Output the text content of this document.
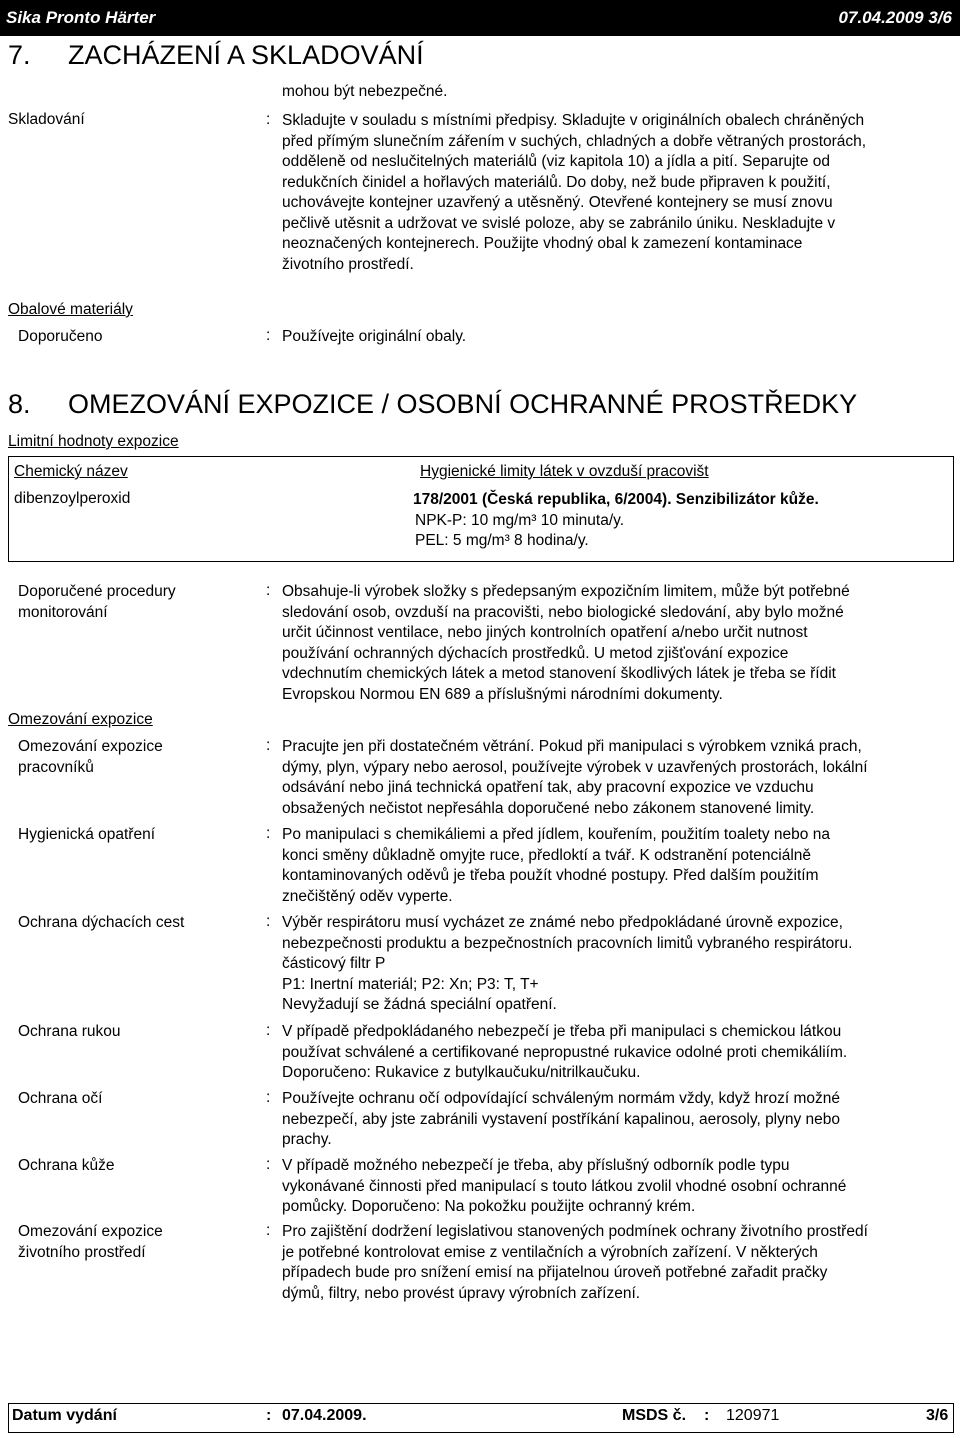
Sika Pronto Härter	07.04.2009 3/6
7. ZACHÁZENÍ A SKLADOVÁNÍ
mohou být nebezpečné.
Skladování	: Skladujte v souladu s místními předpisy. Skladujte v originálních obalech chráněných

před přímým slunečním zářením v suchých, chladných a dobře větraných prostorách,

odděleně od neslučitelných materiálů (viz kapitola 10) a jídla a pití. Separujte od

redukčních činidel a hořlavých materiálů. Do doby, než bude připraven k použití,

uchovávejte kontejner uzavřený a utěsněný. Otevřené kontejnery se musí znovu

pečlivě utěsnit a udržovat ve svislé poloze, aby se zabránilo úniku. Neskladujte v

neoznačených kontejnerech. Použijte vhodný obal k zamezení kontaminace

životního prostředí.

Obalové materiály
Doporučeno	: Používejte originální obaly.
8. OMEZOVÁNÍ EXPOZICE / OSOBNÍ OCHRANNÉ PROSTŘEDKY
Limitní hodnoty expozice
Chemický název	Hygienické limity látek v ovzduší pracovišt
dibenzoylperoxid	178/2001 (Česká republika, 6/2004). Senzibilizátor kůže.
NPK-P: 10 mg/m³ 10 minuta/y.
PEL: 5 mg/m³ 8 hodina/y.
Doporučené procedury
monitorování
: Obsahuje-li výrobek složky s předepsaným expozičním limitem, může být potřebné

sledování osob, ovzduší na pracovišti, nebo biologické sledování, aby bylo možné

určit účinnost ventilace, nebo jiných kontrolních opatření a/nebo určit nutnost

používání ochranných dýchacích prostředků. U metod zjišťování expozice

vdechnutím chemických látek a metod stanovení škodlivých látek je třeba se řídit

Evropskou Normou EN 689 a příslušnými národními dokumenty.

Omezování expozice
Omezování expozice
pracovníků
: Pracujte jen při dostatečném větrání. Pokud při manipulaci s výrobkem vzniká prach,

dýmy, plyn, výpary nebo aerosol, používejte výrobek v uzavřených prostorách, lokální

odsávání nebo jiná technická opatření tak, aby pracovní expozice ve vzduchu

obsažených nečistot nepřesáhla doporučené nebo zákonem stanovené limity.

Hygienická opatření	: Po manipulaci s chemikáliemi a před jídlem, kouřením, použitím toalety nebo na

konci směny důkladně omyjte ruce, předloktí a tvář. K odstranění potenciálně

kontaminovaných oděvů je třeba použít vhodné postupy. Před dalším použitím

znečištěný oděv vyperte.

Ochrana dýchacích cest	: Výběr respirátoru musí vycházet ze známé nebo předpokládané úrovně expozice,

nebezpečnosti produktu a bezpečnostních pracovních limitů vybraného respirátoru.

částicový filtr P

P1: Inertní materiál; P2: Xn; P3: T, T+

Nevyžadují se žádná speciální opatření.

Ochrana rukou	: V případě předpokládaného nebezpečí je třeba při manipulaci s chemickou látkou

používat schválené a certifikované nepropustné rukavice odolné proti chemikáliím.

Doporučeno: Rukavice z butylkaučuku/nitrilkaučuku.

Ochrana očí	: Používejte ochranu očí odpovídající schváleným normám vždy, když hrozí možné

nebezpečí, aby jste zabránili vystavení postříkání kapalinou, aerosoly, plyny nebo

prachy.

Ochrana kůže	: V případě možného nebezpečí je třeba, aby příslušný odborník podle typu

vykonávané činnosti před manipulací s touto látkou zvolil vhodné osobní ochranné

pomůcky. Doporučeno: Na pokožku použijte ochranný krém.

Omezování expozice
životního prostředí
: Pro zajištění dodržení legislativou stanovených podmínek ochrany životního prostředí

je potřebné kontrolovat emise z ventilačních a výrobních zařízení. V některých

případech bude pro snížení emisí na přijatelnou úroveň potřebné zařadit pračky

dýmů, filtry, nebo provést úpravy výrobních zařízení.

Datum vydání	: 07.04.2009.	MSDS č. : 120971	3/6
